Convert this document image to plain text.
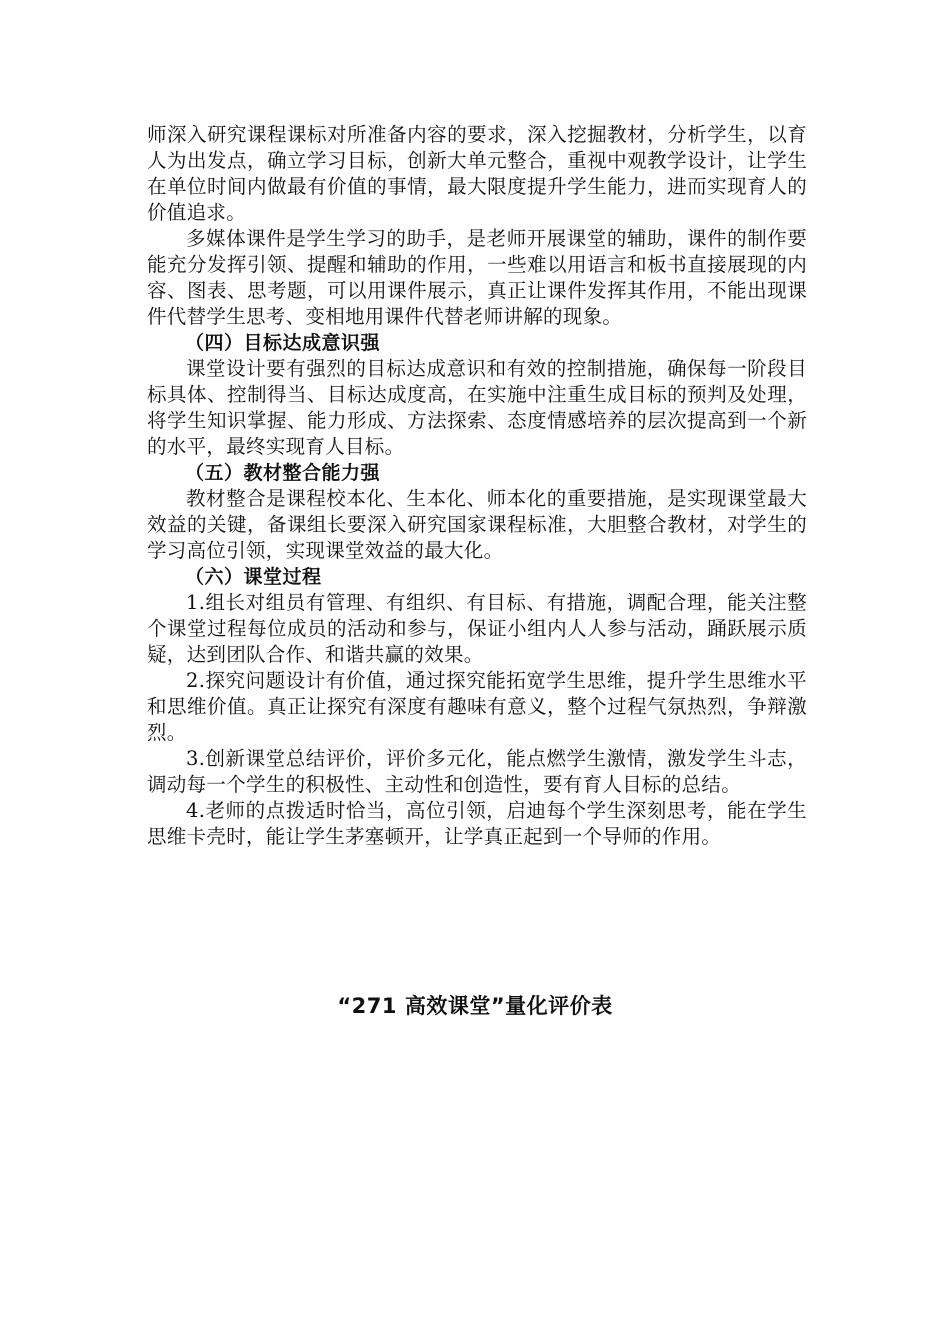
师深入研究课程课标对所准备内容的要求，深入挖掘教材，分析学生，以育人为出发点，确立学习目标，创新大单元整合，重视中观教学设计，让学生在单位时间内做最有价值的事情，最大限度提升学生能力，进而实现育人的价值追求。

多媒体课件是学生学习的助手，是老师开展课堂的辅助，课件的制作要能充分发挥引领、提醒和辅助的作用，一些难以用语言和板书直接展现的内容、图表、思考题，可以用课件展示，真正让课件发挥其作用，不能出现课件代替学生思考、变相地用课件代替老师讲解的现象。

（四）目标达成意识强

课堂设计要有强烈的目标达成意识和有效的控制措施，确保每一阶段目标具体、控制得当、目标达成度高，在实施中注重生成目标的预判及处理，将学生知识掌握、能力形成、方法探索、态度情感培养的层次提高到一个新的水平，最终实现育人目标。

（五）教材整合能力强

教材整合是课程校本化、生本化、师本化的重要措施，是实现课堂最大效益的关键，备课组长要深入研究国家课程标准，大胆整合教材，对学生的学习高位引领，实现课堂效益的最大化。

（六）课堂过程

1.组长对组员有管理、有组织、有目标、有措施，调配合理，能关注整个课堂过程每位成员的活动和参与，保证小组内人人参与活动，踊跃展示质疑，达到团队合作、和谐共赢的效果。

2.探究问题设计有价值，通过探究能拓宽学生思维，提升学生思维水平和思维价值。真正让探究有深度有趣味有意义，整个过程气氛热烈，争辩激烈。

3.创新课堂总结评价，评价多元化，能点燃学生激情，激发学生斗志，调动每一个学生的积极性、主动性和创造性，要有育人目标的总结。

4.老师的点拨适时恰当，高位引领，启迪每个学生深刻思考，能在学生思维卡壳时，能让学生茅塞顿开，让学真正起到一个导师的作用。

“271 高效课堂”量化评价表
